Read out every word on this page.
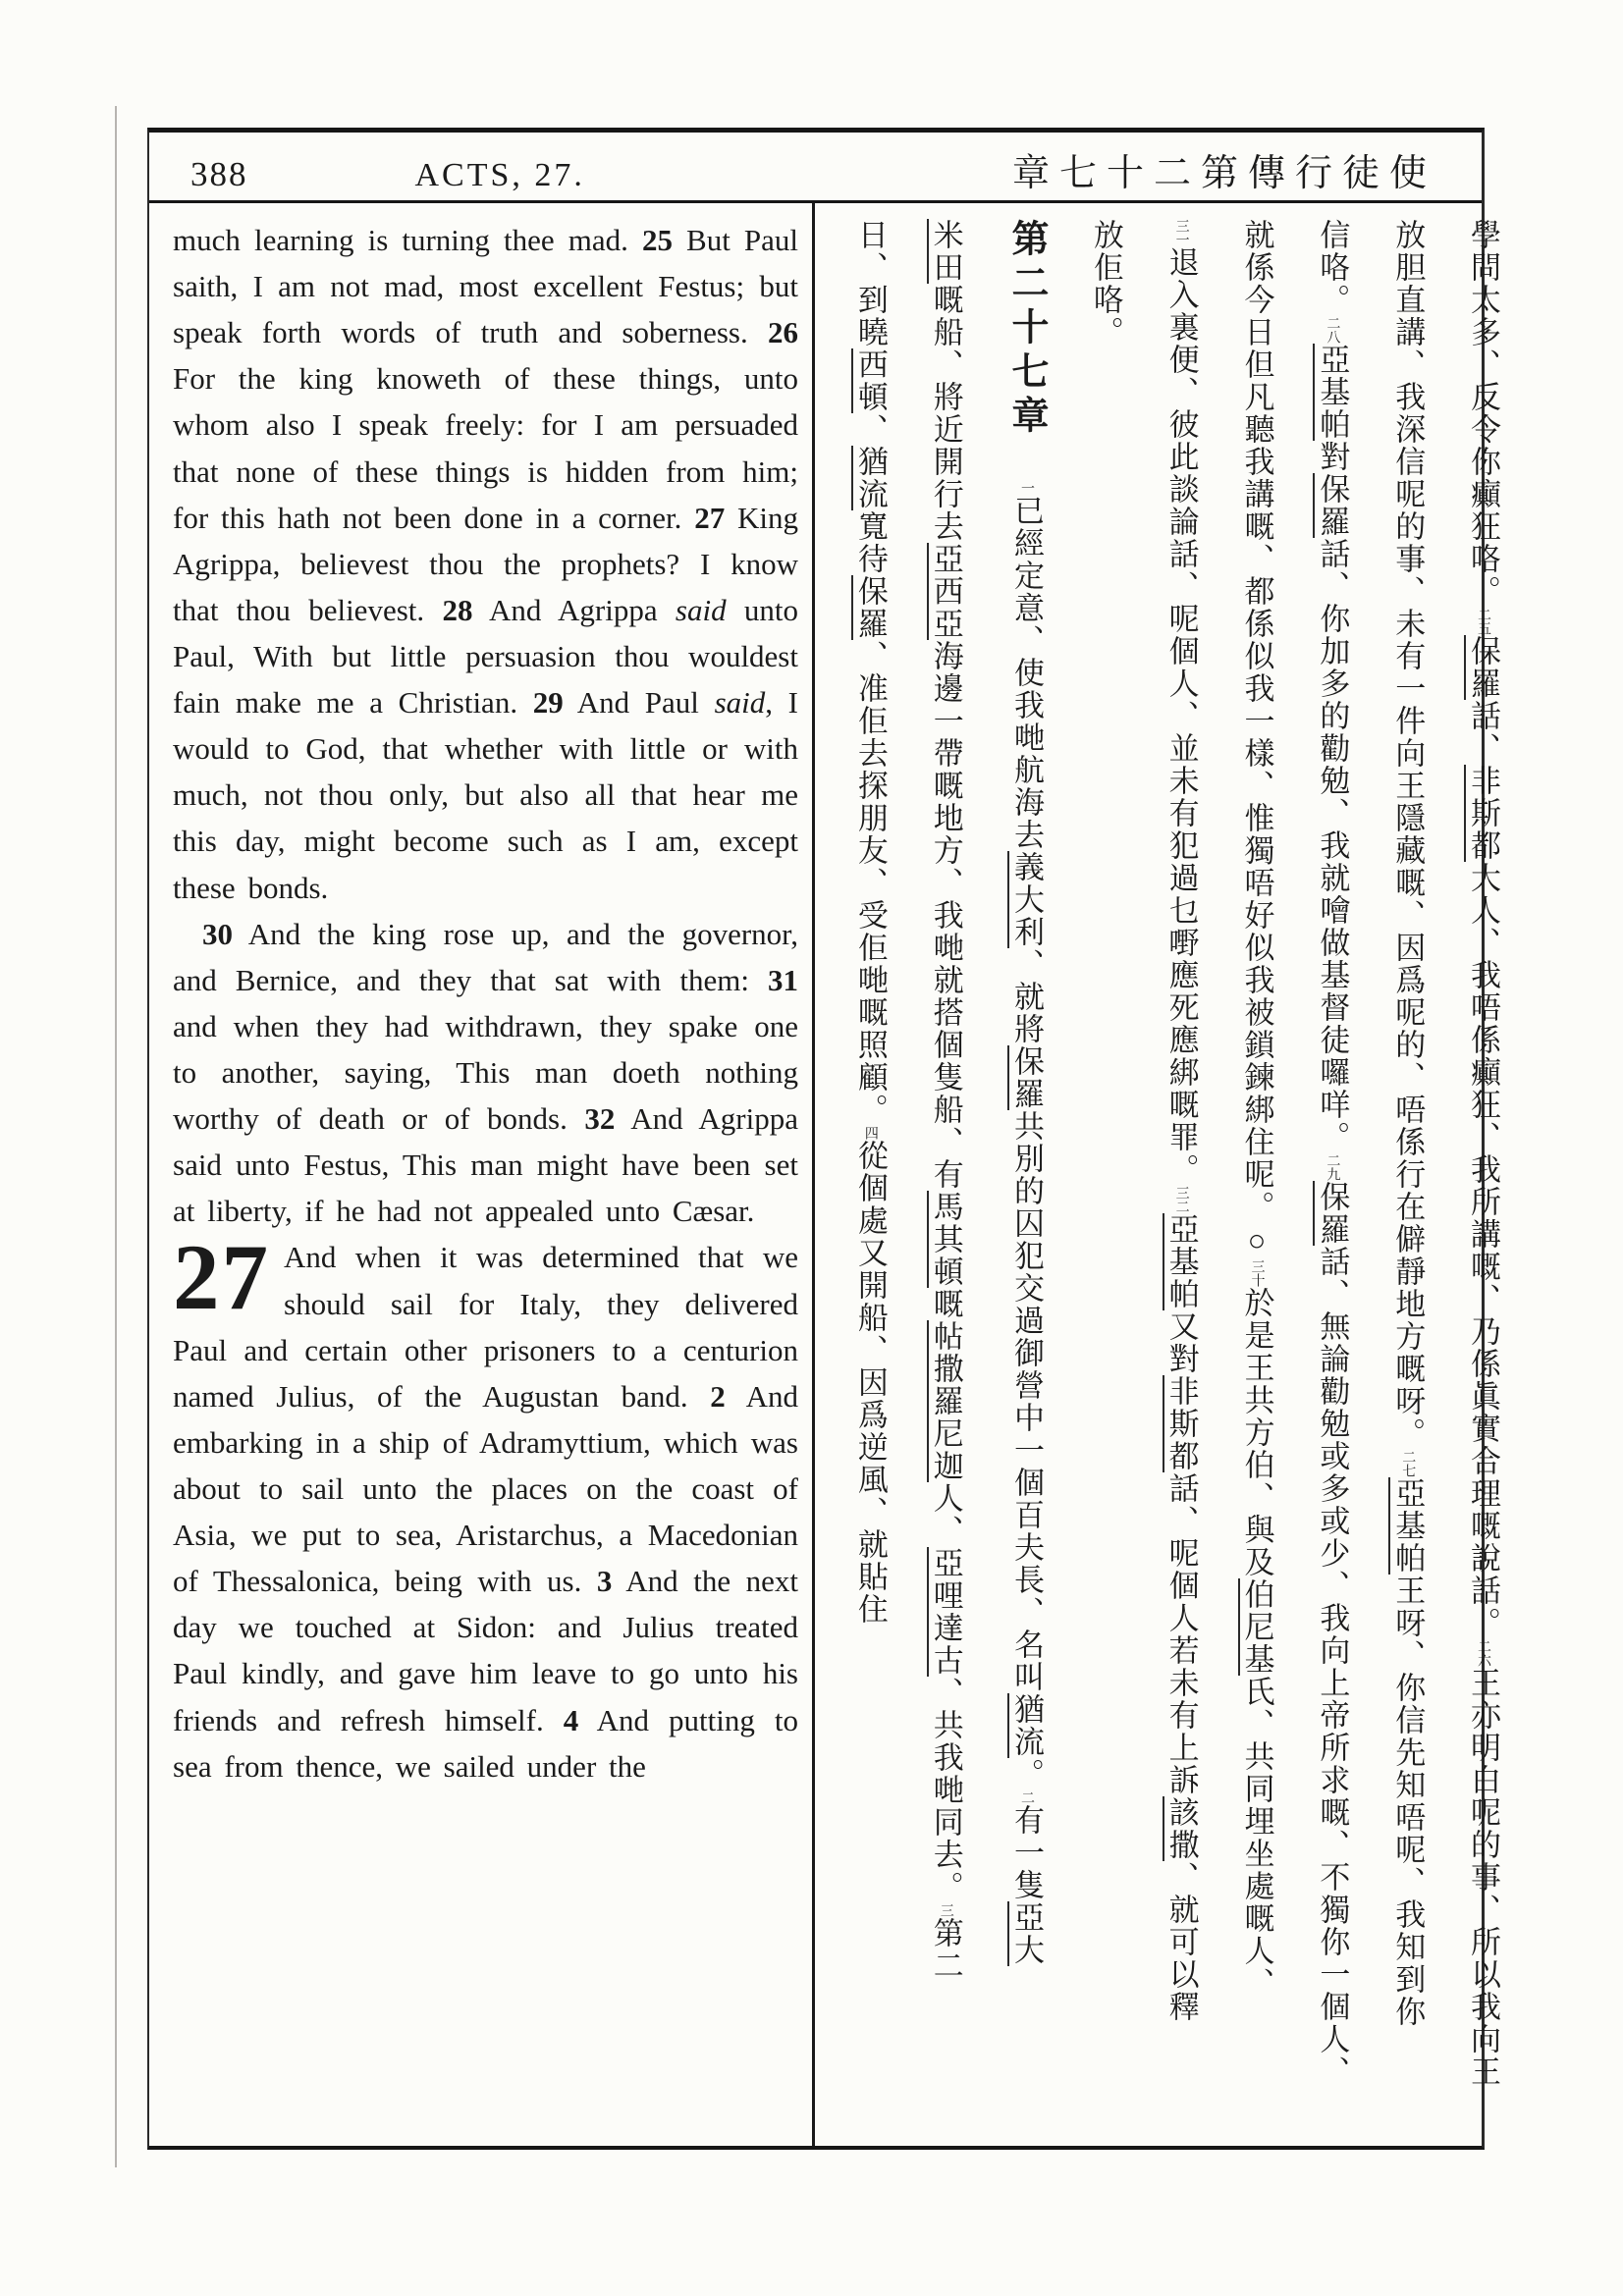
388	ACTS, 27.	章七十二第傳行徒使

much learning is turning thee mad. 25 But Paul saith, I am not mad, most excellent Festus; but speak forth words of truth and soberness. 26 For the king knoweth of these things, unto whom also I speak freely: for I am persuaded that none of these things is hidden from him; for this hath not been done in a corner. 27 King Agrippa, believest thou the prophets? I know that thou believest. 28 And Agrippa said unto Paul, With but little persuasion thou wouldest fain make me a Christian. 29 And Paul said, I would to God, that whether with little or with much, not thou only, but also all that hear me this day, might become such as I am, except these bonds.

30 And the king rose up, and the governor, and Bernice, and they that sat with them: 31 and when they had withdrawn, they spake one to another, saying, This man doeth nothing worthy of death or of bonds. 32 And Agrippa said unto Festus, This man might have been set at liberty, if he had not appealed unto Cæsar.

27 And when it was determined that we should sail for Italy, they delivered Paul and certain other prisoners to a centurion named Julius, of the Augustan band. 2 And embarking in a ship of Adramyttium, which was about to sail unto the places on the coast of Asia, we put to sea, Aristarchus, a Macedonian of Thessalonica, being with us. 3 And the next day we touched at Sidon: and Julius treated Paul kindly, and gave him leave to go unto his friends and refresh himself. 4 And putting to sea from thence, we sailed under the

學問太多、反令你癲狂咯。二五保羅話、非斯都大人、我唔係癲狂、我所講嘅、乃係眞實合理嘅說話。二六王亦明白呢的事、所以我向王
放胆直講、我深信呢的事、未有一件向王隱藏嘅、因爲呢的、唔係行在僻靜地方嘅呀。二七亞基帕王呀、你信先知唔呢、我知到你
信咯。二八亞基帕對保羅話、你加多的勸勉、我就噲做基督徒囉咩。二九保羅話、無論勸勉或多或少、我向上帝所求嘅、不獨你一個人、
就係今日但凡聽我講嘅、都係似我一樣、惟獨唔好似我被鎖鍊綁住呢。○三十於是王共方伯、與及伯尼基氏、共同埋坐處嘅人、
三一退入裏便、彼此談論話、呢個人、並未有犯過乜嘢應死應綁嘅罪。三二亞基帕又對非斯都話、呢個人若未有上訴該撒、就可以釋
放佢咯。
第二十七章一已經定意、使我哋航海去義大利、就將保羅共別的囚犯交過御營中一個百夫長、名叫猶流。二有一隻亞大
米田嘅船、將近開行去亞西亞海邊一帶嘅地方、我哋就搭個隻船、有馬其頓嘅帖撒羅尼迦人、亞哩達古、共我哋同去。三第二
日、到曉西頓、猶流寬待保羅、准佢去探朋友、受佢哋嘅照顧。四從個處又開船、因爲逆風、就貼住
